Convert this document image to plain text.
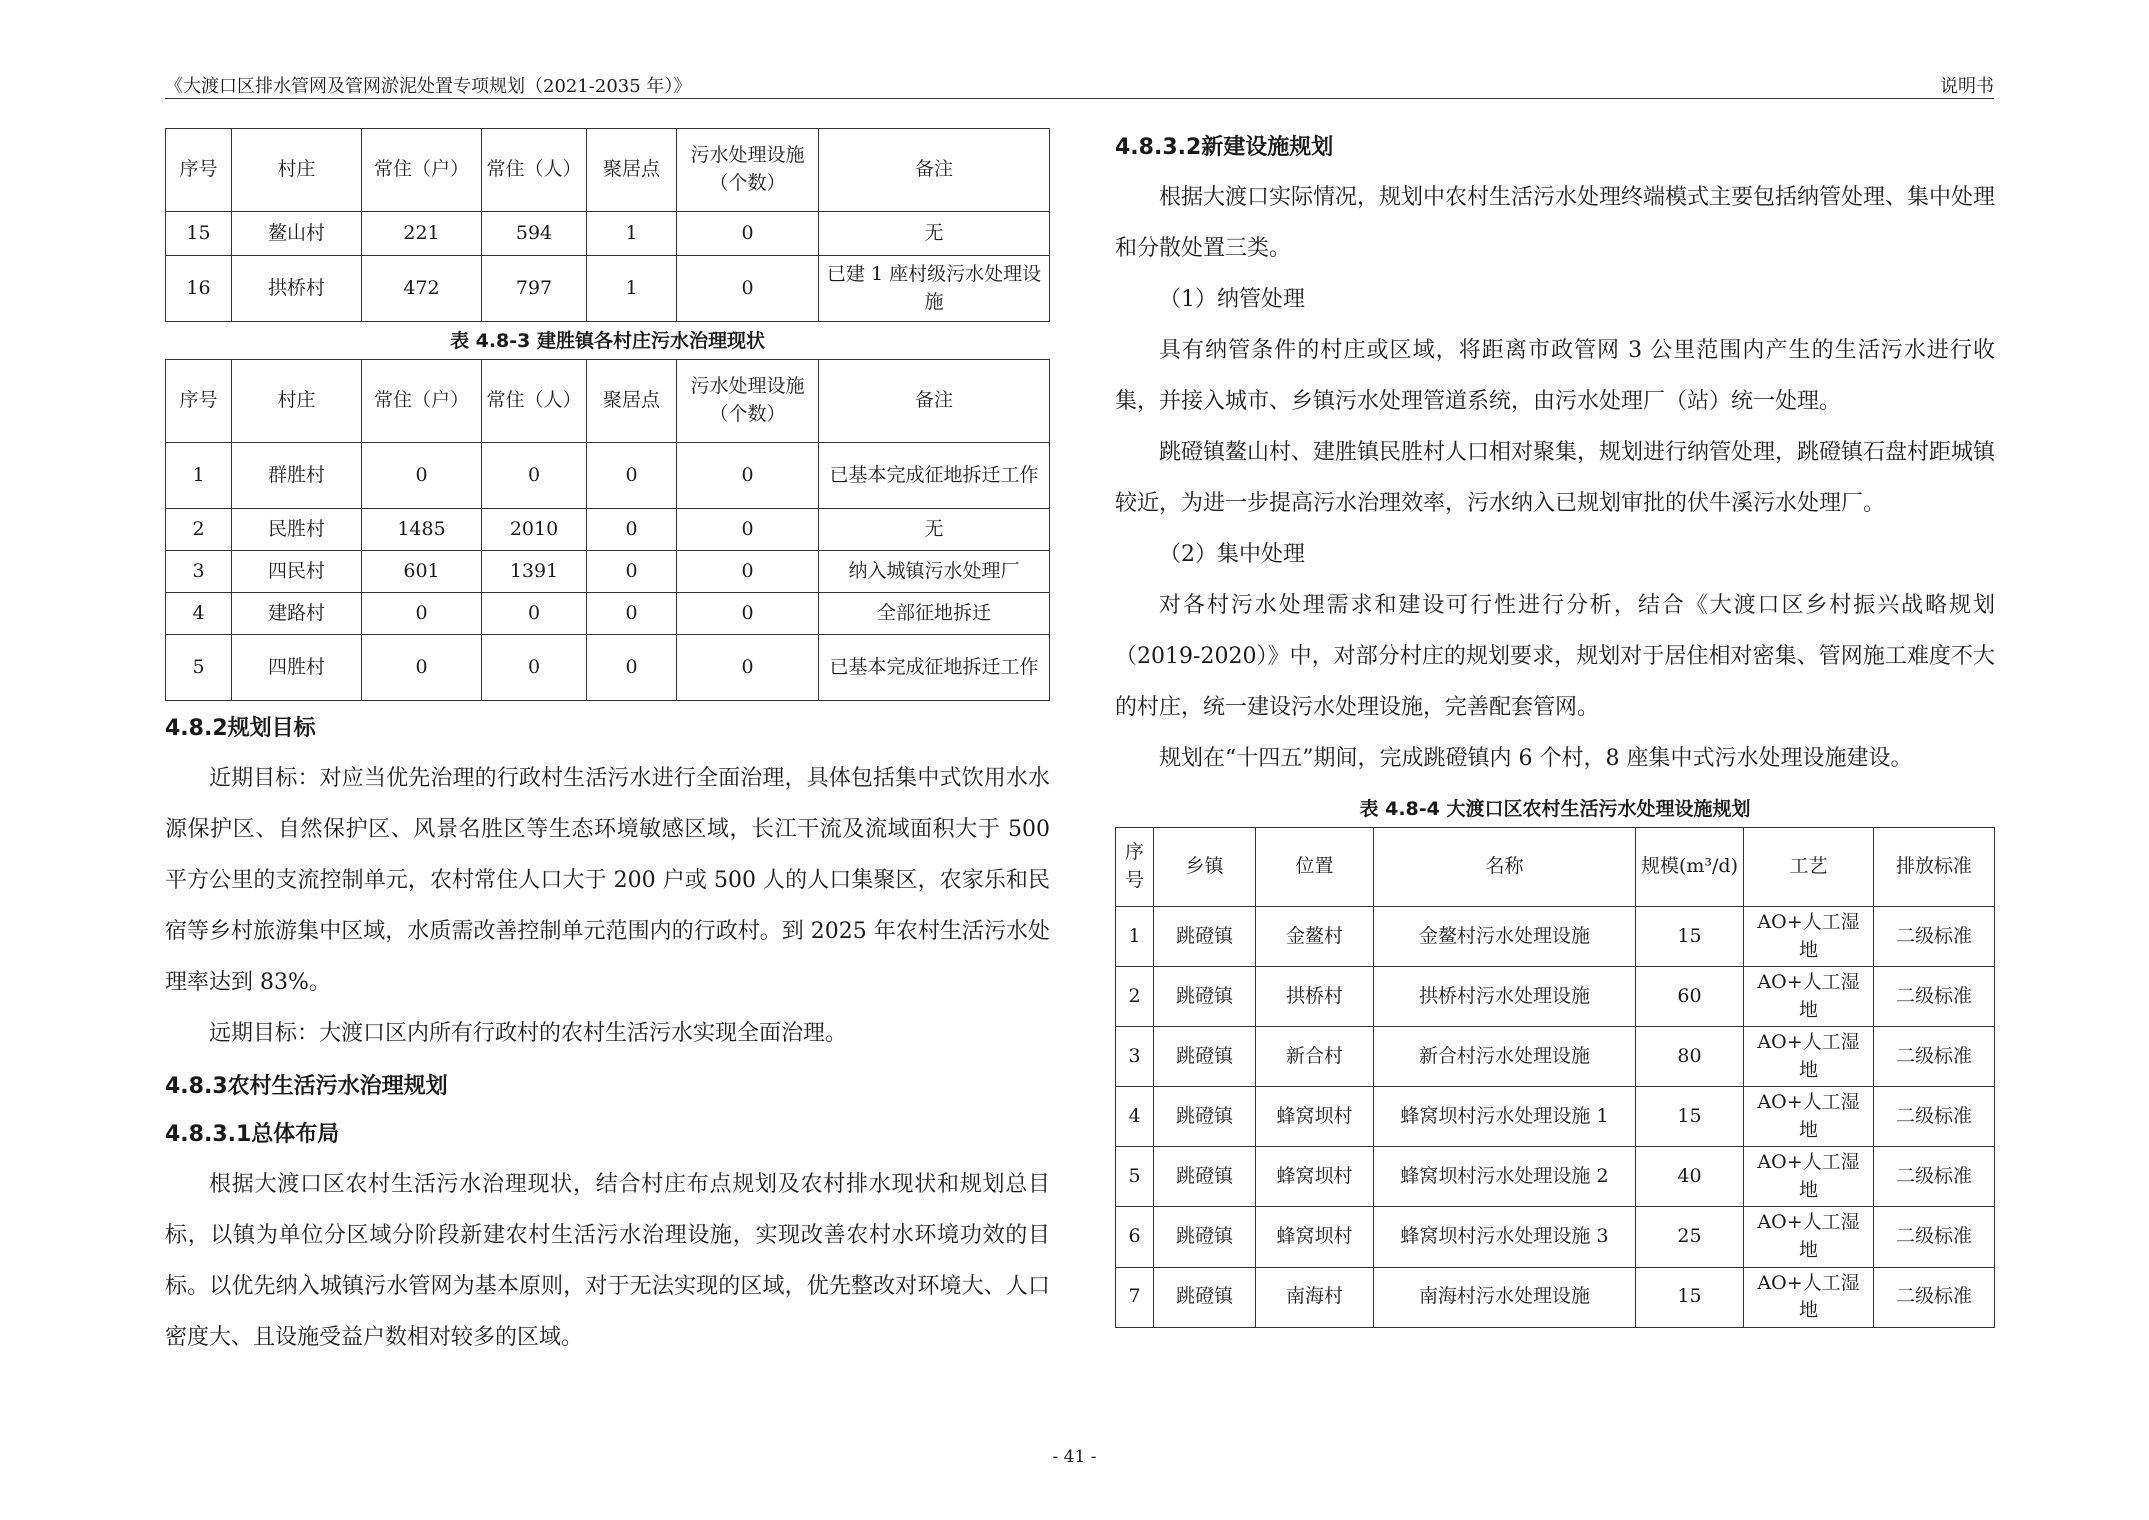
《大渡口区排水管网及管网淤泥处置专项规划（2021-2035 年）》	说明书
序号	村庄	常住（户）	常住（人）	聚居点	污水处理设施（个数）	备注
15	鳌山村	221	594	1	0	无
16	拱桥村	472	797	1	0	已建 1 座村级污水处理设施
表 4.8-3 建胜镇各村庄污水治理现状
序号	村庄	常住（户）	常住（人）	聚居点	污水处理设施（个数）	备注
1	群胜村	0	0	0	0	已基本完成征地拆迁工作
2	民胜村	1485	2010	0	0	无
3	四民村	601	1391	0	0	纳入城镇污水处理厂
4	建路村	0	0	0	0	全部征地拆迁
5	四胜村	0	0	0	0	已基本完成征地拆迁工作
4.8.2规划目标

近期目标：对应当优先治理的行政村生活污水进行全面治理，具体包括集中式饮用水水源保护区、自然保护区、风景名胜区等生态环境敏感区域，长江干流及流域面积大于 500 平方公里的支流控制单元，农村常住人口大于 200 户或 500 人的人口集聚区，农家乐和民宿等乡村旅游集中区域，水质需改善控制单元范围内的行政村。到 2025 年农村生活污水处理率达到 83%。

远期目标：大渡口区内所有行政村的农村生活污水实现全面治理。

4.8.3农村生活污水治理规划
4.8.3.1总体布局

根据大渡口区农村生活污水治理现状，结合村庄布点规划及农村排水现状和规划总目标，以镇为单位分区域分阶段新建农村生活污水治理设施，实现改善农村水环境功效的目标。以优先纳入城镇污水管网为基本原则，对于无法实现的区域，优先整改对环境大、人口密度大、且设施受益户数相对较多的区域。

4.8.3.2新建设施规划

根据大渡口实际情况，规划中农村生活污水处理终端模式主要包括纳管处理、集中处理和分散处置三类。

（1）纳管处理

具有纳管条件的村庄或区域，将距离市政管网 3 公里范围内产生的生活污水进行收集，并接入城市、乡镇污水处理管道系统，由污水处理厂（站）统一处理。

跳磴镇鳌山村、建胜镇民胜村人口相对聚集，规划进行纳管处理，跳磴镇石盘村距城镇较近，为进一步提高污水治理效率，污水纳入已规划审批的伏牛溪污水处理厂。

（2）集中处理

对各村污水处理需求和建设可行性进行分析，结合《大渡口区乡村振兴战略规划（2019-2020）》中，对部分村庄的规划要求，规划对于居住相对密集、管网施工难度不大的村庄，统一建设污水处理设施，完善配套管网。

规划在“十四五”期间，完成跳磴镇内 6 个村，8 座集中式污水处理设施建设。

表 4.8-4 大渡口区农村生活污水处理设施规划
序号	乡镇	位置	名称	规模(m³/d)	工艺	排放标准
1	跳磴镇	金鳌村	金鳌村污水处理设施	15	AO+人工湿地	二级标准
2	跳磴镇	拱桥村	拱桥村污水处理设施	60	AO+人工湿地	二级标准
3	跳磴镇	新合村	新合村污水处理设施	80	AO+人工湿地	二级标准
4	跳磴镇	蜂窝坝村	蜂窝坝村污水处理设施 1	15	AO+人工湿地	二级标准
5	跳磴镇	蜂窝坝村	蜂窝坝村污水处理设施 2	40	AO+人工湿地	二级标准
6	跳磴镇	蜂窝坝村	蜂窝坝村污水处理设施 3	25	AO+人工湿地	二级标准
7	跳磴镇	南海村	南海村污水处理设施	15	AO+人工湿地	二级标准
- 41 -
